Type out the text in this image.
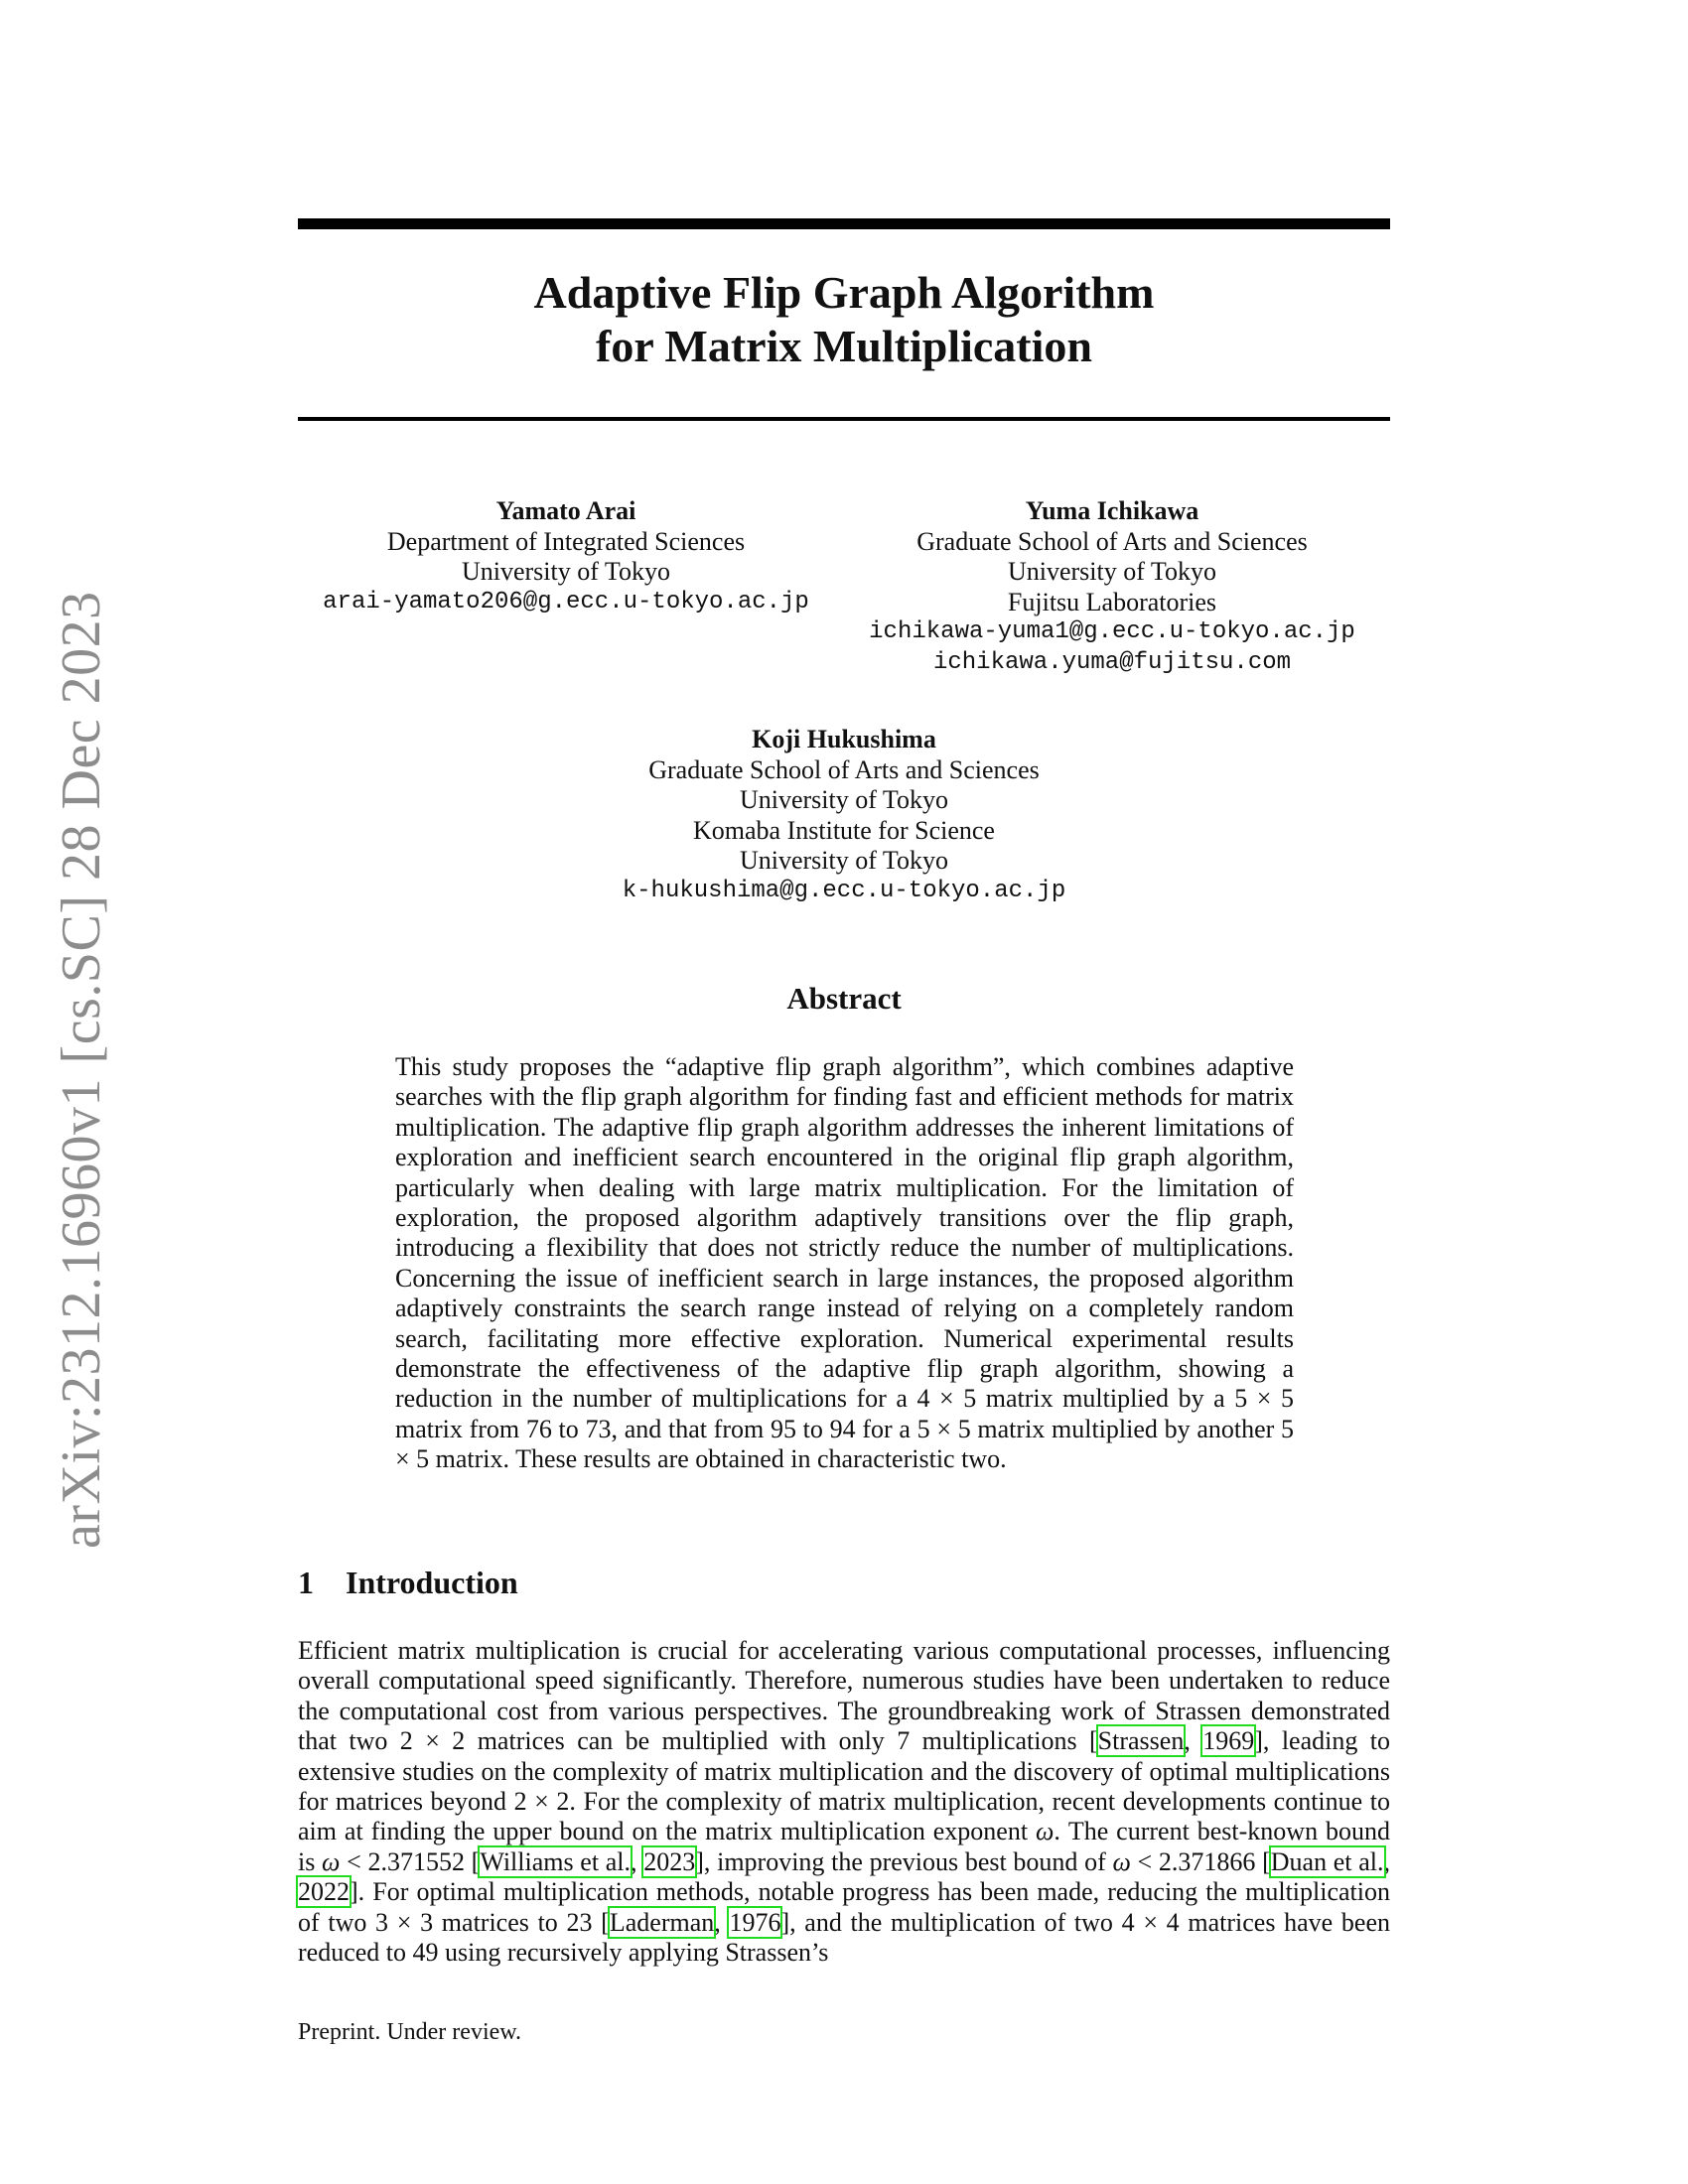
arXiv:2312.16960v1 [cs.SC] 28 Dec 2023
Adaptive Flip Graph Algorithm
for Matrix Multiplication
Yamato Arai
Department of Integrated Sciences
University of Tokyo
arai-yamato206@g.ecc.u-tokyo.ac.jp
Yuma Ichikawa
Graduate School of Arts and Sciences
University of Tokyo
Fujitsu Laboratories
ichikawa-yuma1@g.ecc.u-tokyo.ac.jp
ichikawa.yuma@fujitsu.com
Koji Hukushima
Graduate School of Arts and Sciences
University of Tokyo
Komaba Institute for Science
University of Tokyo
k-hukushima@g.ecc.u-tokyo.ac.jp
Abstract
This study proposes the “adaptive flip graph algorithm”, which combines adaptive searches with the flip graph algorithm for finding fast and efficient methods for matrix multiplication. The adaptive flip graph algorithm addresses the inherent limitations of exploration and inefficient search encountered in the original flip graph algorithm, particularly when dealing with large matrix multiplication. For the limitation of exploration, the proposed algorithm adaptively transitions over the flip graph, introducing a flexibility that does not strictly reduce the number of multiplications. Concerning the issue of inefficient search in large instances, the proposed algorithm adaptively constraints the search range instead of relying on a completely random search, facilitating more effective exploration. Numerical experimental results demonstrate the effectiveness of the adaptive flip graph algorithm, showing a reduction in the number of multiplications for a 4 × 5 matrix multiplied by a 5 × 5 matrix from 76 to 73, and that from 95 to 94 for a 5 × 5 matrix multiplied by another 5 × 5 matrix. These results are obtained in characteristic two.
1 Introduction
Efficient matrix multiplication is crucial for accelerating various computational processes, influencing overall computational speed significantly. Therefore, numerous studies have been undertaken to reduce the computational cost from various perspectives. The groundbreaking work of Strassen demonstrated that two 2 × 2 matrices can be multiplied with only 7 multiplications [Strassen, 1969], leading to extensive studies on the complexity of matrix multiplication and the discovery of optimal multiplications for matrices beyond 2 × 2. For the complexity of matrix multiplication, recent developments continue to aim at finding the upper bound on the matrix multiplication exponent ω. The current best-known bound is ω < 2.371552 [Williams et al., 2023], improving the previous best bound of ω < 2.371866 [Duan et al., 2022]. For optimal multiplication methods, notable progress has been made, reducing the multiplication of two 3 × 3 matrices to 23 [Laderman, 1976], and the multiplication of two 4 × 4 matrices have been reduced to 49 using recursively applying Strassen’s
Preprint. Under review.
